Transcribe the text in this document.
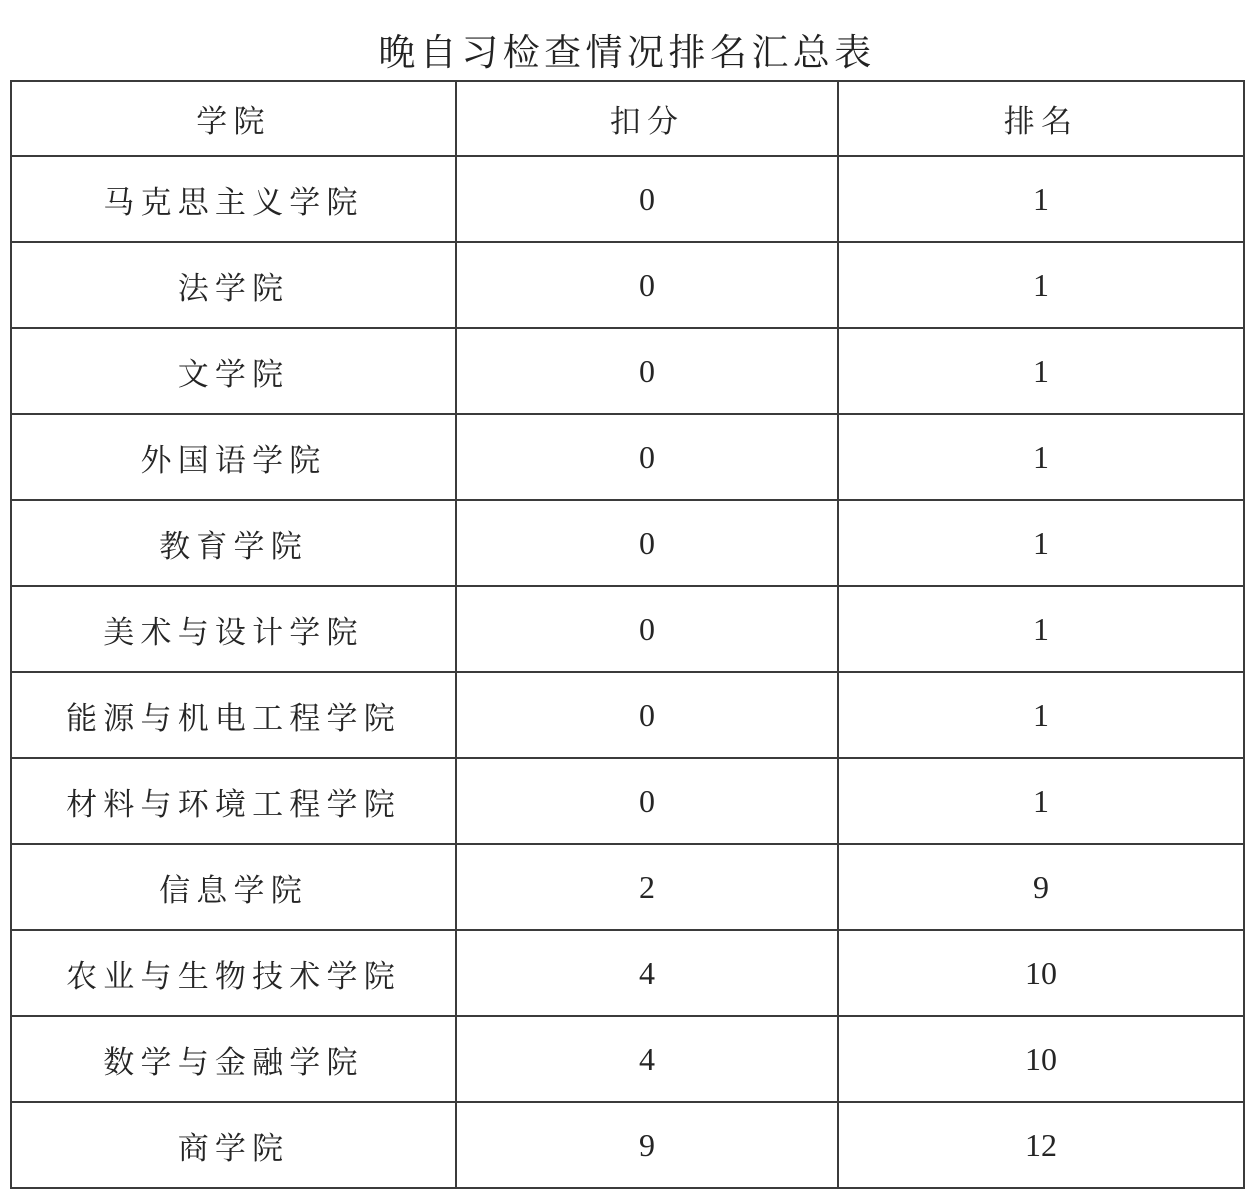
晚自习检查情况排名汇总表
学院	扣分	排名
马克思主义学院	0	1
法学院	0	1
文学院	0	1
外国语学院	0	1
教育学院	0	1
美术与设计学院	0	1
能源与机电工程学院	0	1
材料与环境工程学院	0	1
信息学院	2	9
农业与生物技术学院	4	10
数学与金融学院	4	10
商学院	9	12
